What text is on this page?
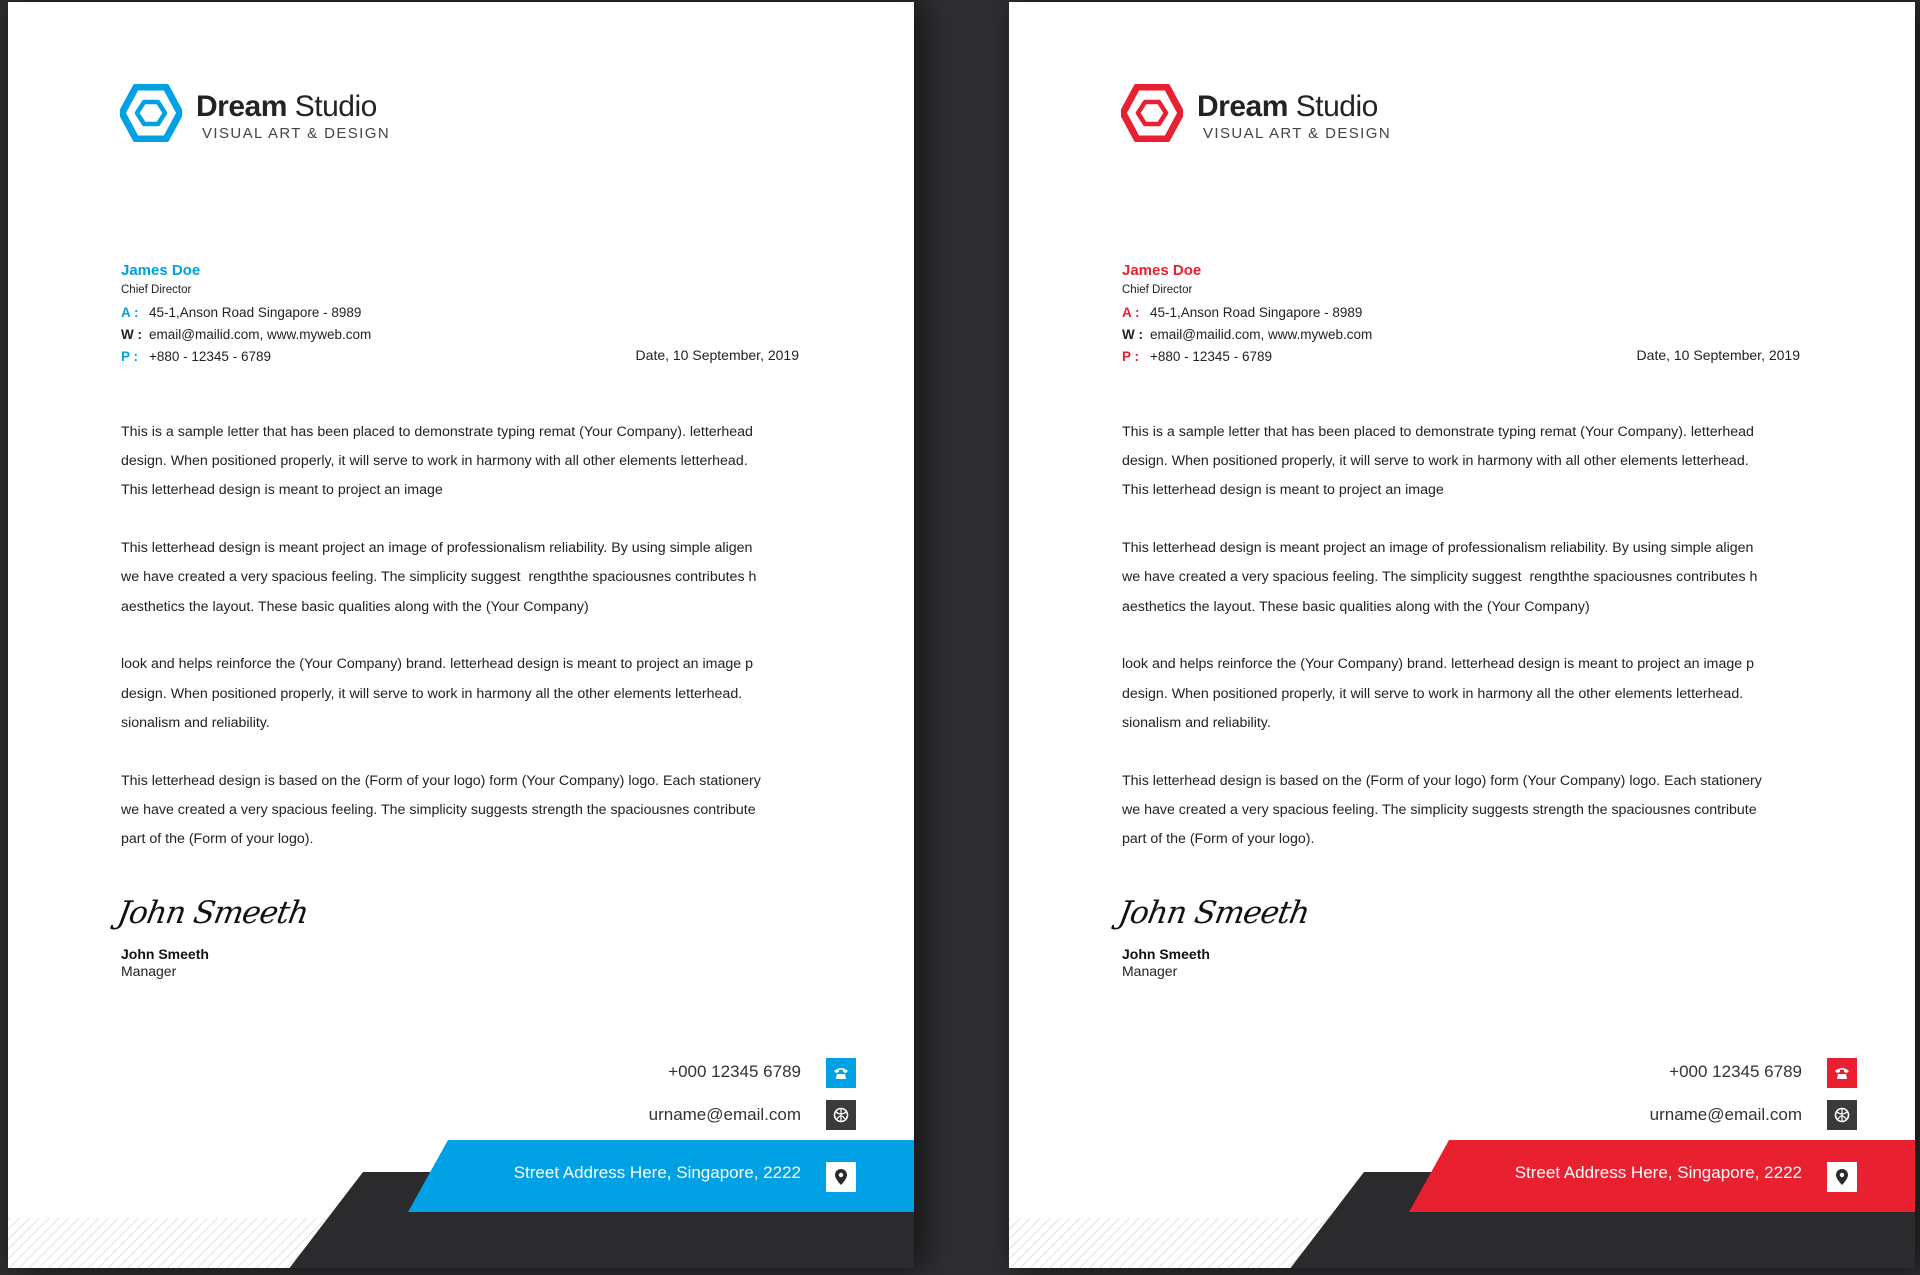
Dream Studio
VISUAL ART & DESIGN
James Doe
Chief Director
A : 45-1,Anson Road Singapore - 8989
W : email@mailid.com, www.myweb.com
P : +880 - 12345 - 6789	Date, 10 September, 2019

This is a sample letter that has been placed to demonstrate typing remat (Your Company). letterhead
design. When positioned properly, it will serve to work in harmony with all other elements letterhead.
This letterhead design is meant to project an image

This letterhead design is meant project an image of professionalism reliability. By using simple aligen
we have created a very spacious feeling. The simplicity suggest  rengththe spaciousnes contributes h
aesthetics the layout. These basic qualities along with the (Your Company)

look and helps reinforce the (Your Company) brand. letterhead design is meant to project an image p
design. When positioned properly, it will serve to work in harmony all the other elements letterhead.
sionalism and reliability.

This letterhead design is based on the (Form of your logo) form (Your Company) logo. Each stationery
we have created a very spacious feeling. The simplicity suggests strength the spaciousnes contribute
part of the (Form of your logo).

John Smeeth
John Smeeth
Manager
+000 12345 6789
urname@email.com
Street Address Here, Singapore, 2222
Dream Studio
VISUAL ART & DESIGN
James Doe
Chief Director
A : 45-1,Anson Road Singapore - 8989
W : email@mailid.com, www.myweb.com
P : +880 - 12345 - 6789	Date, 10 September, 2019

This is a sample letter that has been placed to demonstrate typing remat (Your Company). letterhead
design. When positioned properly, it will serve to work in harmony with all other elements letterhead.
This letterhead design is meant to project an image

This letterhead design is meant project an image of professionalism reliability. By using simple aligen
we have created a very spacious feeling. The simplicity suggest  rengththe spaciousnes contributes h
aesthetics the layout. These basic qualities along with the (Your Company)

look and helps reinforce the (Your Company) brand. letterhead design is meant to project an image p
design. When positioned properly, it will serve to work in harmony all the other elements letterhead.
sionalism and reliability.

This letterhead design is based on the (Form of your logo) form (Your Company) logo. Each stationery
we have created a very spacious feeling. The simplicity suggests strength the spaciousnes contribute
part of the (Form of your logo).

John Smeeth
John Smeeth
Manager
+000 12345 6789
urname@email.com
Street Address Here, Singapore, 2222
